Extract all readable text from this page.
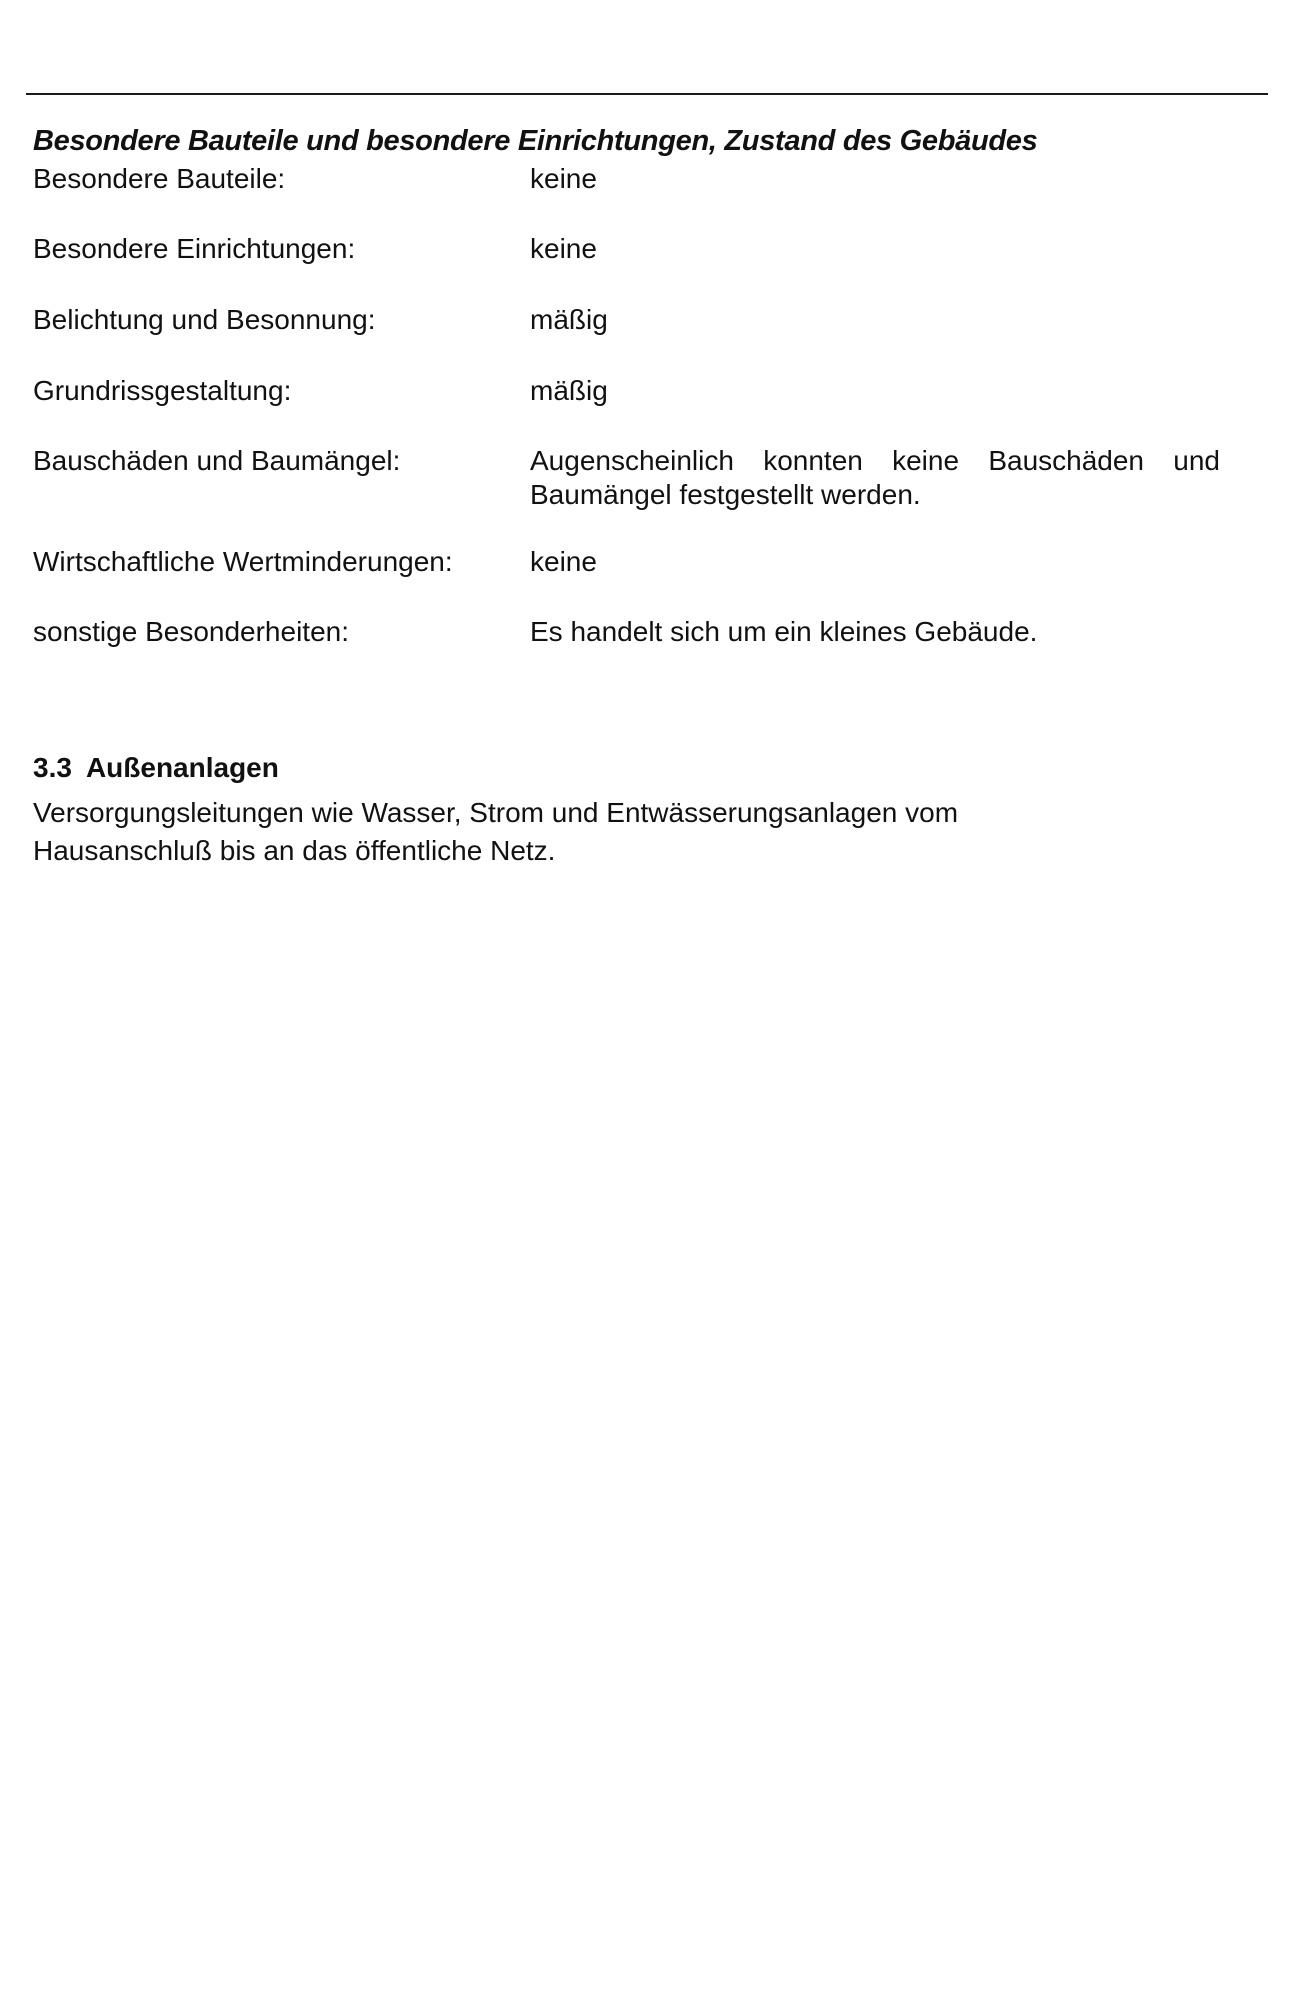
Besondere Bauteile und besondere Einrichtungen, Zustand des Gebäudes
Besondere Bauteile:	keine
Besondere Einrichtungen:	keine
Belichtung und Besonnung:	mäßig
Grundrissgestaltung:	mäßig
Bauschäden und Baumängel:	Augenscheinlich konnten keine Bauschäden und Baumängel festgestellt werden.
Wirtschaftliche Wertminderungen:	keine
sonstige Besonderheiten:	Es handelt sich um ein kleines Gebäude.
3.3 Außenanlagen

Versorgungsleitungen wie Wasser, Strom und Entwässerungsanlagen vom Hausanschluß bis an das öffentliche Netz.
